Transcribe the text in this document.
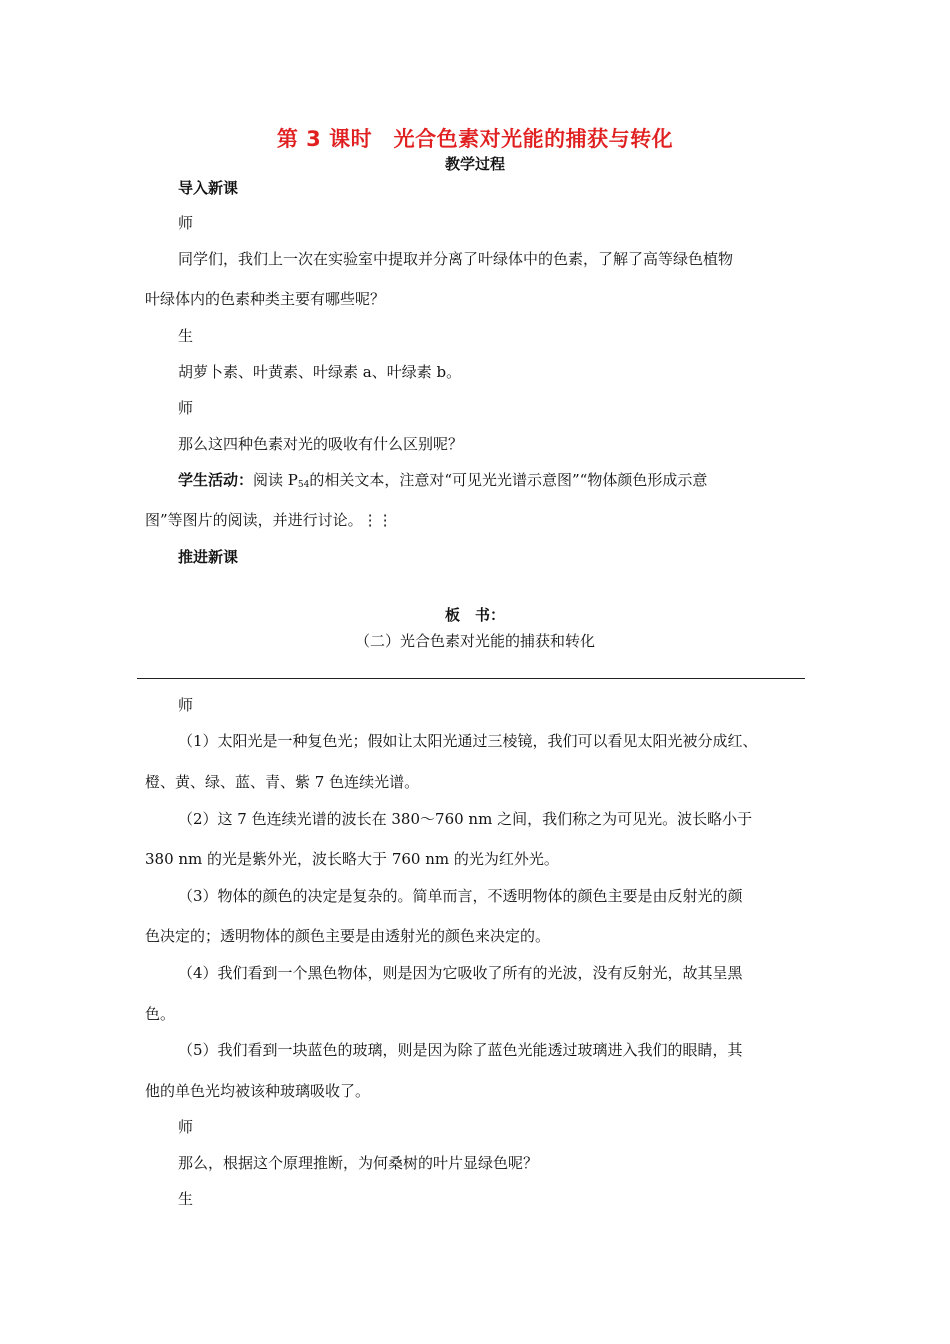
第 3 课时　光合色素对光能的捕获与转化
教学过程
导入新课
师
同学们，我们上一次在实验室中提取并分离了叶绿体中的色素，了解了高等绿色植物
叶绿体内的色素种类主要有哪些呢？
生
胡萝卜素、叶黄素、叶绿素 a、叶绿素 b。
师
那么这四种色素对光的吸收有什么区别呢？
学生活动：阅读 $P_{54}$的相关文本，注意对“可见光光谱示意图”“物体颜色形成示意
图”等图片的阅读，并进行讨论。⋮⋮
推进新课
板　书：
（二）光合色素对光能的捕获和转化
师
（1）太阳光是一种复色光；假如让太阳光通过三棱镜，我们可以看见太阳光被分成红、
橙、黄、绿、蓝、青、紫 7 色连续光谱。
（2）这 7 色连续光谱的波长在 380～760 nm 之间，我们称之为可见光。波长略小于
380 nm 的光是紫外光，波长略大于 760 nm 的光为红外光。
（3）物体的颜色的决定是复杂的。简单而言，不透明物体的颜色主要是由反射光的颜
色决定的；透明物体的颜色主要是由透射光的颜色来决定的。
（4）我们看到一个黑色物体，则是因为它吸收了所有的光波，没有反射光，故其呈黑
色。
（5）我们看到一块蓝色的玻璃，则是因为除了蓝色光能透过玻璃进入我们的眼睛，其
他的单色光均被该种玻璃吸收了。
师
那么，根据这个原理推断，为何桑树的叶片显绿色呢？
生
